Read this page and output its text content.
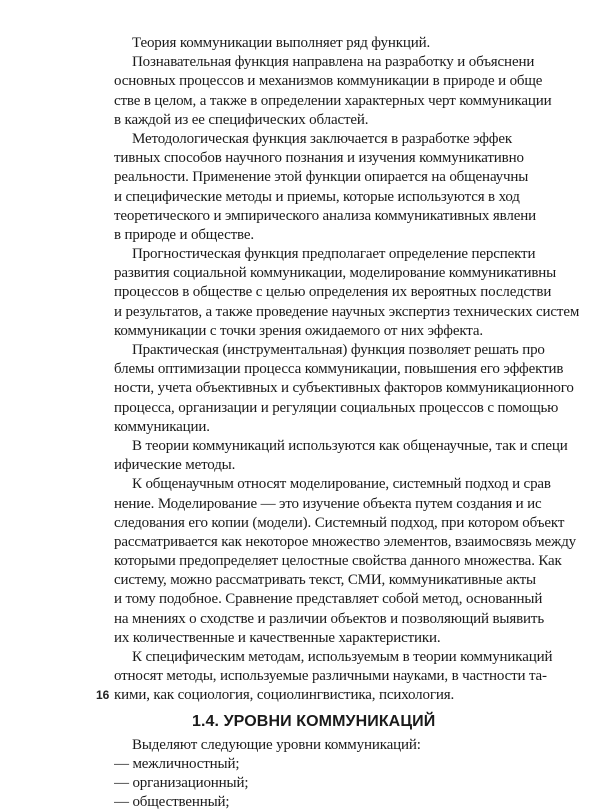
Теория коммуникации выполняет ряд функций.
Познавательная функция направлена на разработку и объяснени
основных процессов и механизмов коммуникации в природе и обще
стве в целом, а также в определении характерных черт коммуникации
в каждой из ее специфических областей.
Методологическая функция заключается в разработке эффек
тивных способов научного познания и изучения коммуникативно
реальности. Применение этой функции опирается на общенаучны
и специфические методы и приемы, которые используются в ход
теоретического и эмпирического анализа коммуникативных явлени
в природе и обществе.
Прогностическая функция предполагает определение перспекти
развития социальной коммуникации, моделирование коммуникативны
процессов в обществе с целью определения их вероятных последстви
и результатов, а также проведение научных экспертиз технических систем
коммуникации с точки зрения ожидаемого от них эффекта.
Практическая (инструментальная) функция позволяет решать про
блемы оптимизации процесса коммуникации, повышения его эффектив
ности, учета объективных и субъективных факторов коммуникационного
процесса, организации и регуляции социальных процессов с помощью
коммуникации.
В теории коммуникаций используются как общенаучные, так и специ
ифические методы.
К общенаучным относят моделирование, системный подход и срав
нение. Моделирование — это изучение объекта путем создания и ис
следования его копии (модели). Системный подход, при котором объект
рассматривается как некоторое множество элементов, взаимосвязь между
которыми предопределяет целостные свойства данного множества. Как
систему, можно рассматривать текст, СМИ, коммуникативные акты
и тому подобное. Сравнение представляет собой метод, основанный
на мнениях о сходстве и различии объектов и позволяющий выявить
их количественные и качественные характеристики.
К специфическим методам, используемым в теории коммуникаций
относят методы, используемые различными науками, в частности та-
кими, как социология, социолингвистика, психология.
1.4. УРОВНИ КОММУНИКАЦИЙ
Выделяют следующие уровни коммуникаций:
— межличностный;
— организационный;
— общественный;
16
